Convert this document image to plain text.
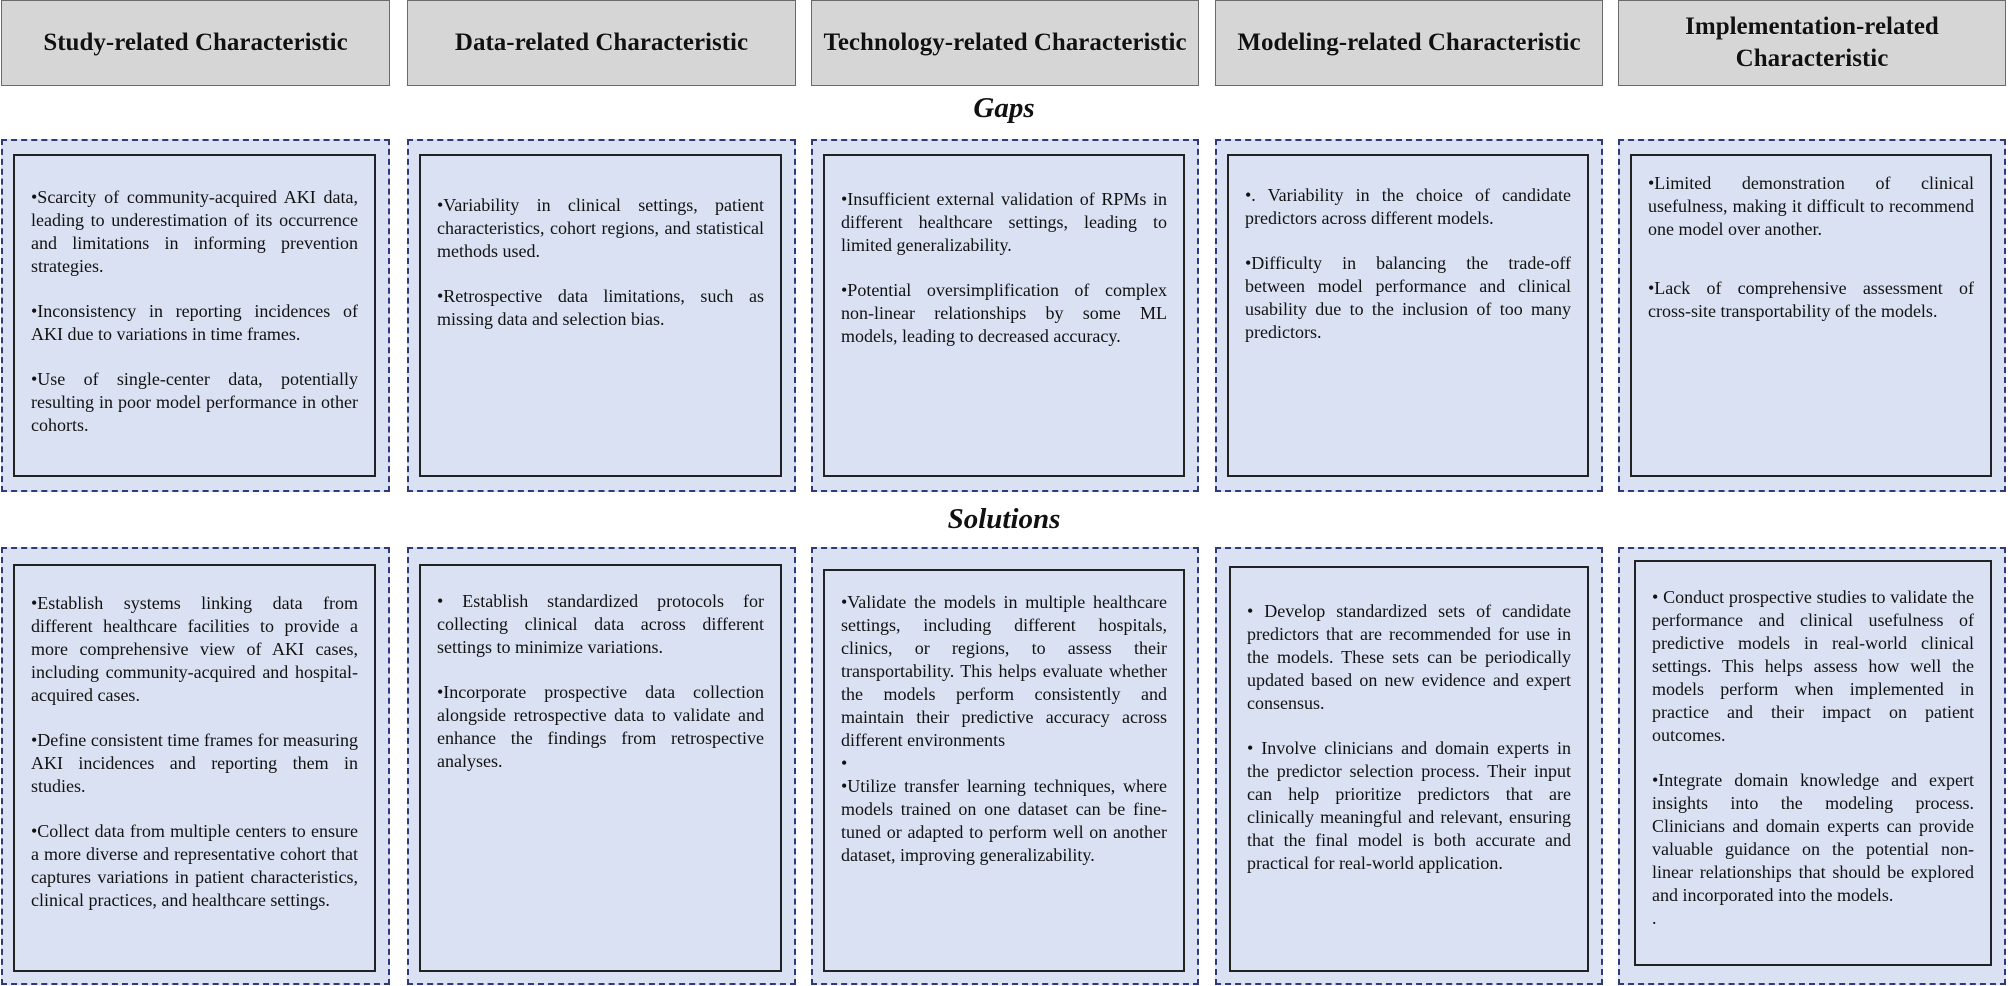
Study-related Characteristic	Data-related Characteristic	Technology-related Characteristic Modeling-related Characteristic
Implementation-related Characteristic
Gaps

•Scarcity of community-acquired AKI data, leading to underestimation of its occurrence and limitations in informing prevention strategies.

•Inconsistency in reporting incidences of AKI due to variations in time frames.

•Use of single-center data, potentially resulting in poor model performance in other cohorts.

•Variability in clinical settings, patient characteristics, cohort regions, and statistical methods used.

•Retrospective data limitations, such as missing data and selection bias.

•Insufficient external validation of RPMs in different healthcare settings, leading to limited generalizability.

•Potential oversimplification of complex non-linear relationships by some ML models, leading to decreased accuracy.

•. Variability in the choice of candidate predictors across different models.

•Difficulty in balancing the trade-off between model performance and clinical usability due to the inclusion of too many predictors.

•Limited demonstration of clinical usefulness, making it difficult to recommend one model over another.

•Lack of comprehensive assessment of cross-site transportability of the models.

Solutions

•Establish systems linking data from different healthcare facilities to provide a more comprehensive view of AKI cases, including community-acquired and hospital-acquired cases.

•Define consistent time frames for measuring AKI incidences and reporting them in studies.

•Collect data from multiple centers to ensure a more diverse and representative cohort that captures variations in patient characteristics, clinical practices, and healthcare settings.

• Establish standardized protocols for collecting clinical data across different settings to minimize variations.

•Incorporate prospective data collection alongside retrospective data to validate and enhance the findings from retrospective analyses.

•Validate the models in multiple healthcare settings, including different hospitals, clinics, or regions, to assess their transportability. This helps evaluate whether the models perform consistently and maintain their predictive accuracy across different environments

•

•Utilize transfer learning techniques, where models trained on one dataset can be fine-tuned or adapted to perform well on another dataset, improving generalizability.

• Develop standardized sets of candidate predictors that are recommended for use in the models. These sets can be periodically updated based on new evidence and expert consensus.

• Involve clinicians and domain experts in the predictor selection process. Their input can help prioritize predictors that are clinically meaningful and relevant, ensuring that the final model is both accurate and practical for real-world application.

• Conduct prospective studies to validate the performance and clinical usefulness of predictive models in real-world clinical settings. This helps assess how well the models perform when implemented in practice and their impact on patient outcomes.

•Integrate domain knowledge and expert insights into the modeling process. Clinicians and domain experts can provide valuable guidance on the potential non-linear relationships that should be explored and incorporated into the models.

.
